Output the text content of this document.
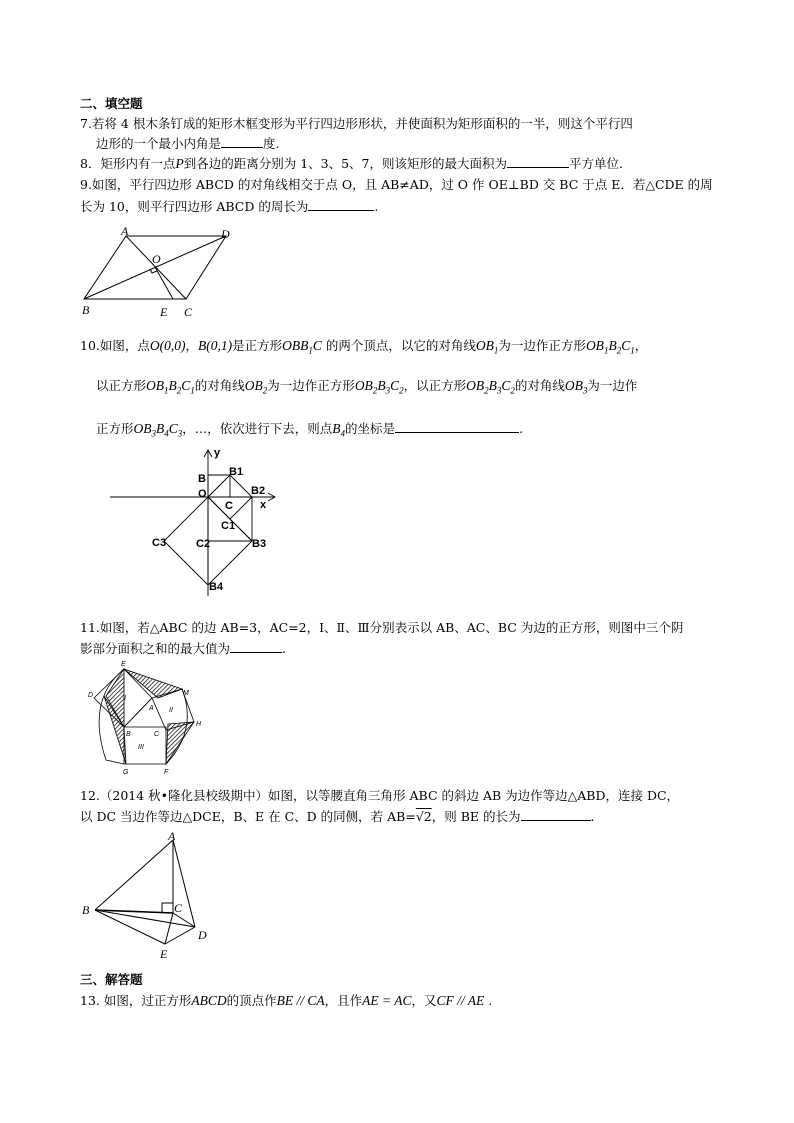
二、填空题
7.若将 4 根木条钉成的矩形木框变形为平行四边形形状，并使面积为矩形面积的一半，则这个平行四
边形的一个最小内角是	度.
8．矩形内有一点P到各边的距离分别为 1、3、5、7，则该矩形的最大面积为	平方单位.
9.如图，平行四边形 ABCD 的对角线相交于点 O，且 AB≠AD，过 O 作 OE⊥BD 交 BC 于点 E．若△CDE 的周
长为 10，则平行四边形 ABCD 的周长为	.
A	D
O
B	E C
10.如图，点O(0,0)，B(0,1)是正方形$OBB_1C$ 的两个顶点，以它的对角线$OB_1$为一边作正方形$OB_1B_2C_1$，
以正方形$OB_1B_2C_1$的对角线$OB_2$为一边作正方形$OB_2B_3C_2$，以正方形$OB_2B_3C_2$的对角线$OB_3$为一边作
正方形$OB_3B_4C_3$，…，依次进行下去，则点$B_4$的坐标是	.
y
x
B
B1
O
C
B2
C1
C2	B3
C3
B4
11.如图，若△ABC 的边 AB=3，AC=2，Ⅰ、Ⅱ、Ⅲ分别表示以 AB、AC、BC 为边的正方形，则图中三个阴
影部分面积之和的最大值为	.
E
D	M
H
I
II
III
A
B	C
G	F
12.（2014 秋•隆化县校级期中）如图，以等腰直角三角形 ABC 的斜边 AB 为边作等边△ABD，连接 DC，
以 DC 当边作等边△DCE，B、E 在 C、D 的同侧，若 AB=√2，则 BE 的长为	.
A
B	C
D
E
三、解答题
13. 如图，过正方形ABCD的顶点作BE // CA，且作AE = AC，又CF // AE .
